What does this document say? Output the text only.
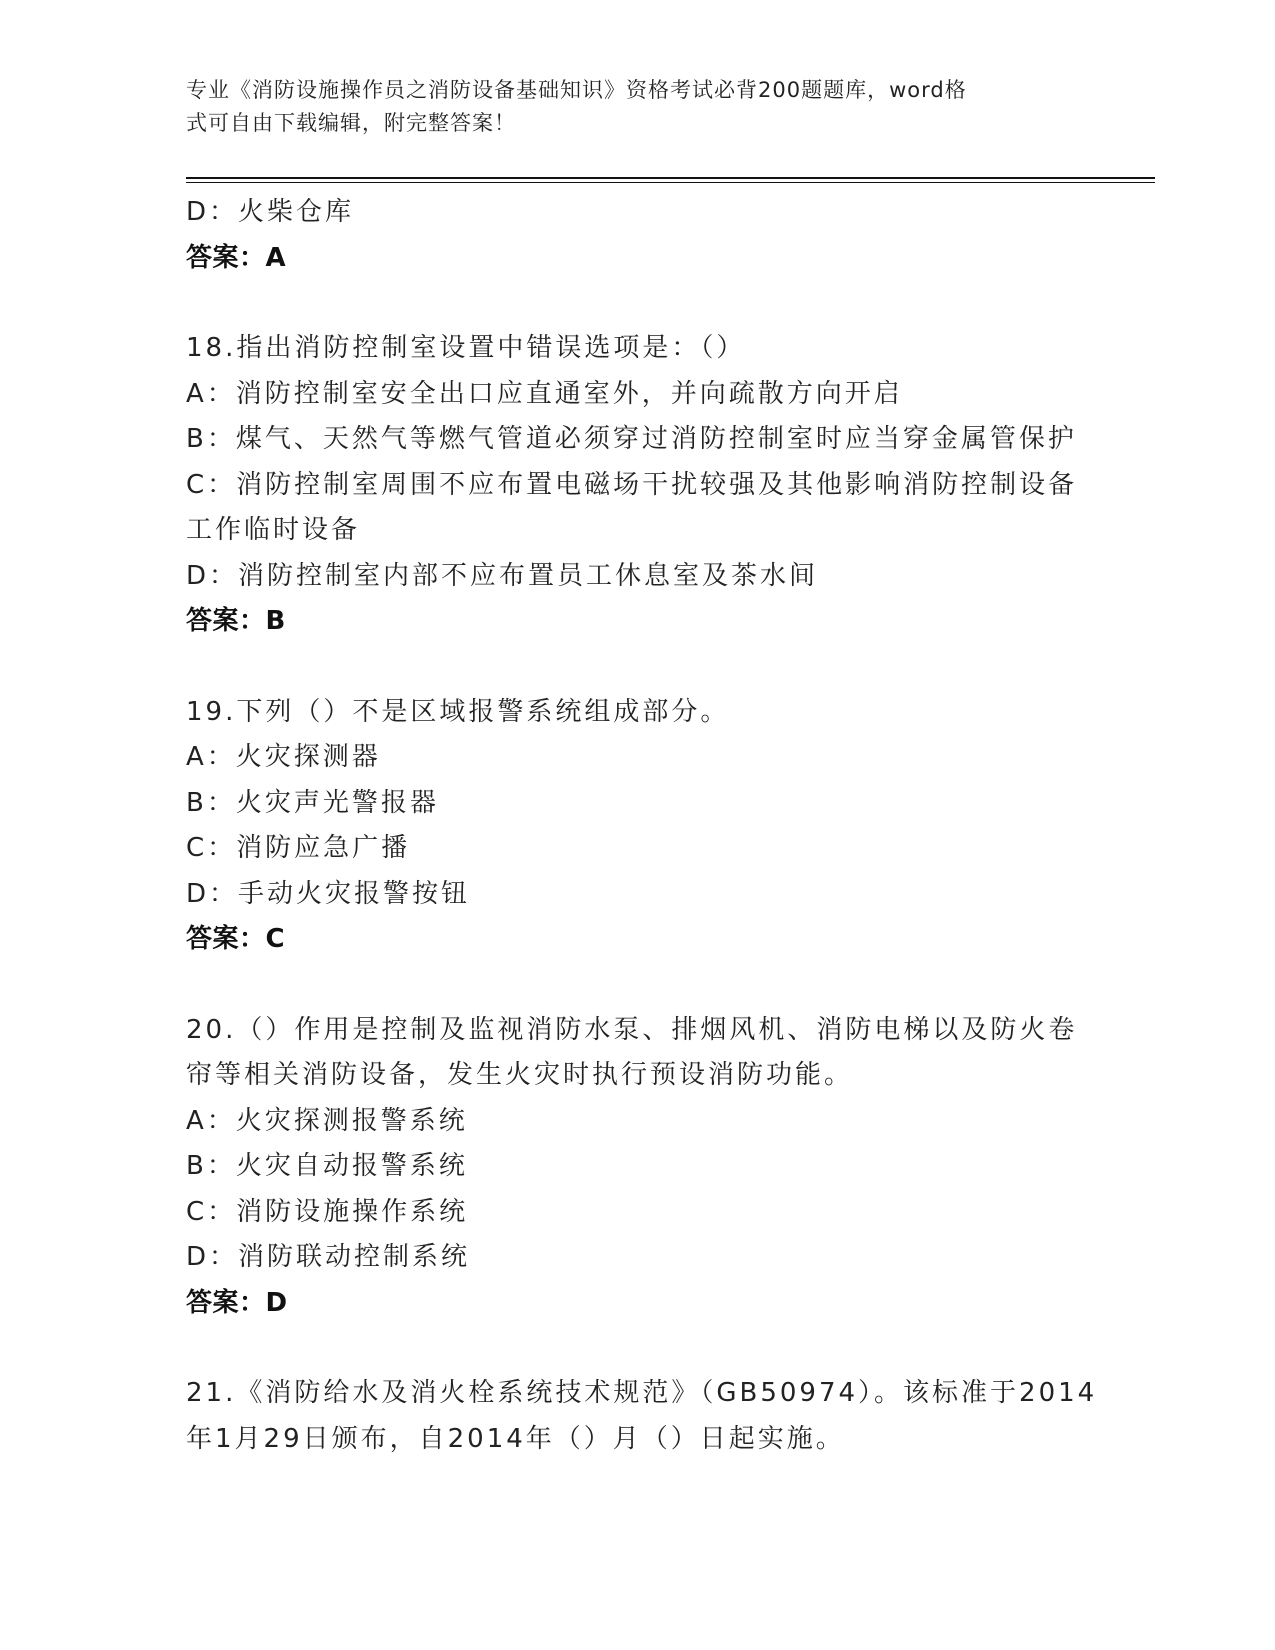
专业《消防设施操作员之消防设备基础知识》资格考试必背200题题库，word格
式可自由下载编辑，附完整答案！
D：火柴仓库
答案：A
18.指出消防控制室设置中错误选项是：（）
A：消防控制室安全出口应直通室外，并向疏散方向开启
B：煤气、天然气等燃气管道必须穿过消防控制室时应当穿金属管保护
C：消防控制室周围不应布置电磁场干扰较强及其他影响消防控制设备
工作临时设备
D：消防控制室内部不应布置员工休息室及茶水间
答案：B
19.下列（）不是区域报警系统组成部分。
A：火灾探测器
B：火灾声光警报器
C：消防应急广播
D：手动火灾报警按钮
答案：C
20.（）作用是控制及监视消防水泵、排烟风机、消防电梯以及防火卷
帘等相关消防设备，发生火灾时执行预设消防功能。
A：火灾探测报警系统
B：火灾自动报警系统
C：消防设施操作系统
D：消防联动控制系统
答案：D
21.《消防给水及消火栓系统技术规范》（GB50974）。该标准于2014
年1月29日颁布，自2014年（）月（）日起实施。
